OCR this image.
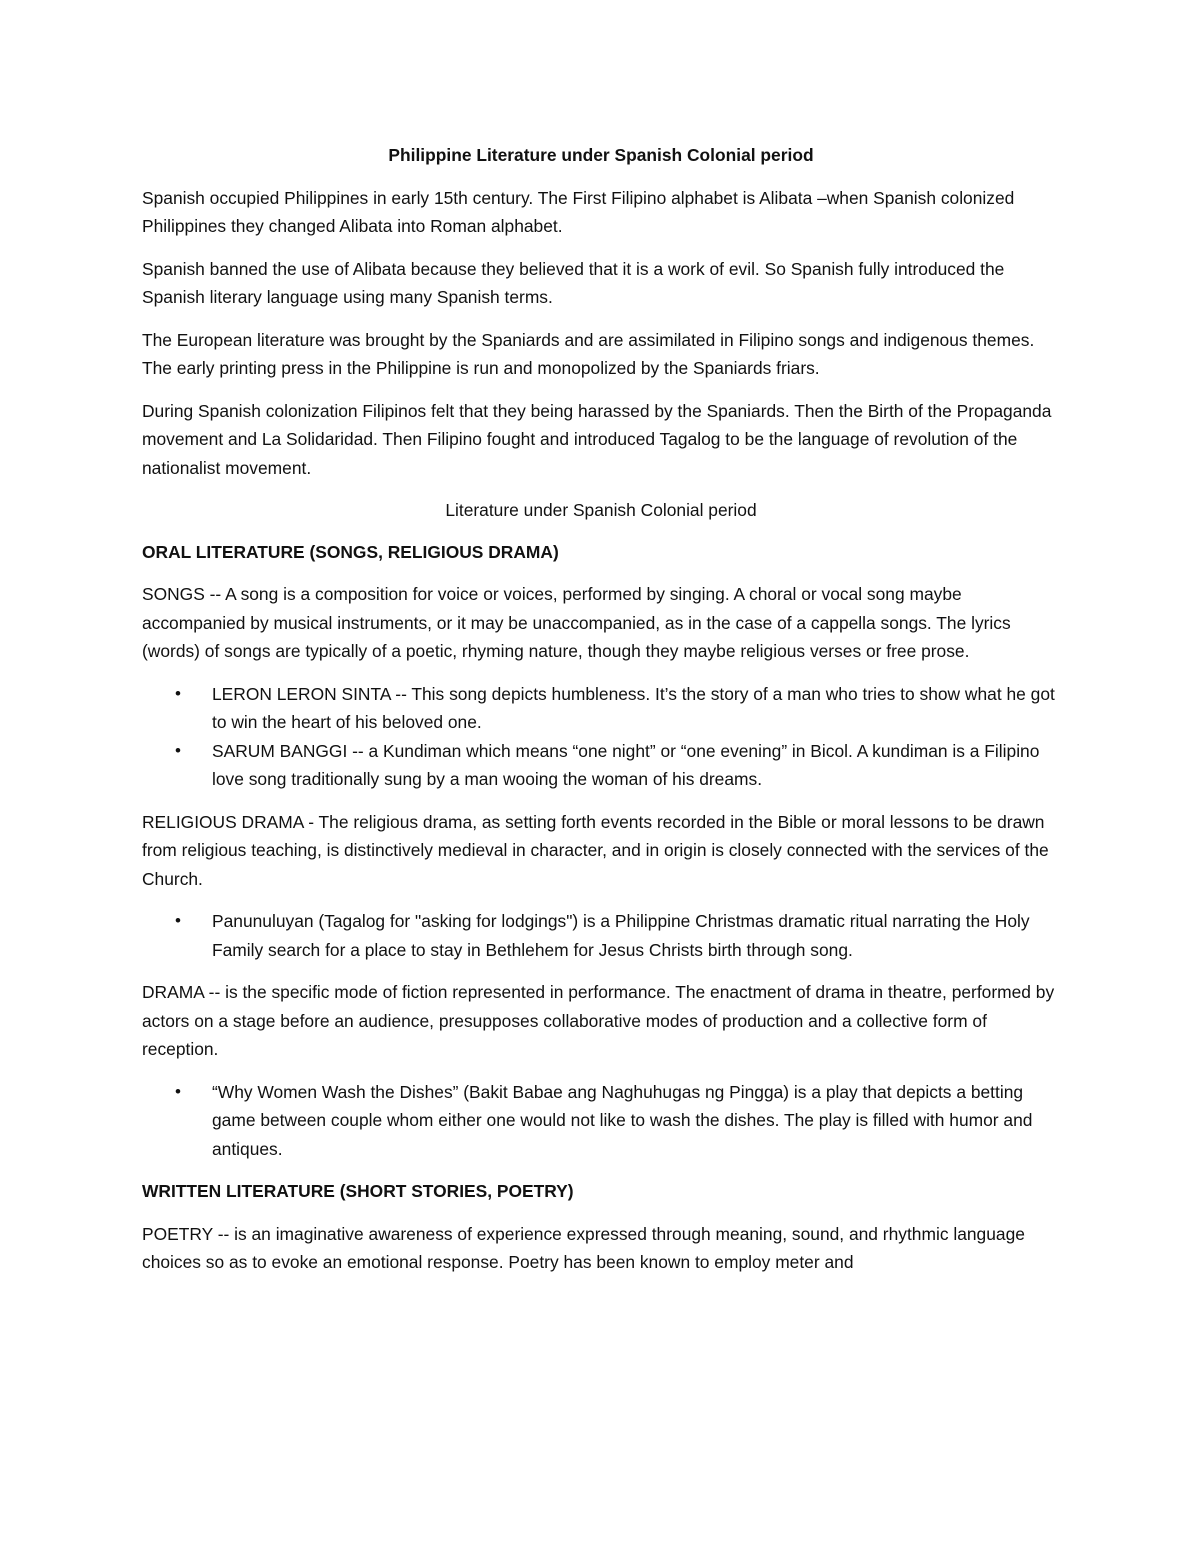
Philippine Literature under Spanish Colonial period

Spanish occupied Philippines in early 15th century. The First Filipino alphabet is Alibata –when Spanish colonized Philippines they changed Alibata into Roman alphabet.

Spanish banned the use of Alibata because they believed that it is a work of evil. So Spanish fully introduced the Spanish literary language using many Spanish terms.

The European literature was brought by the Spaniards and are assimilated in Filipino songs and indigenous themes. The early printing press in the Philippine is run and monopolized by the Spaniards friars.

During Spanish colonization Filipinos felt that they being harassed by the Spaniards. Then the Birth of the Propaganda movement and La Solidaridad. Then Filipino fought and introduced Tagalog to be the language of revolution of the nationalist movement.

Literature under Spanish Colonial period

ORAL LITERATURE (SONGS, RELIGIOUS DRAMA)

SONGS -- A song is a composition for voice or voices, performed by singing. A choral or vocal song maybe accompanied by musical instruments, or it may be unaccompanied, as in the case of a cappella songs. The lyrics (words) of songs are typically of a poetic, rhyming nature, though they maybe religious verses or free prose.

• LERON LERON SINTA -- This song depicts humbleness. It’s the story of a man who tries to show what he got to win the heart of his beloved one.
• SARUM BANGGI -- a Kundiman which means “one night” or “one evening” in Bicol. A kundiman is a Filipino love song traditionally sung by a man wooing the woman of his dreams.

RELIGIOUS DRAMA - The religious drama, as setting forth events recorded in the Bible or moral lessons to be drawn from religious teaching, is distinctively medieval in character, and in origin is closely connected with the services of the Church.

• Panunuluyan (Tagalog for "asking for lodgings") is a Philippine Christmas dramatic ritual narrating the Holy Family search for a place to stay in Bethlehem for Jesus Christs birth through song.

DRAMA -- is the specific mode of fiction represented in performance. The enactment of drama in theatre, performed by actors on a stage before an audience, presupposes collaborative modes of production and a collective form of reception.

• “Why Women Wash the Dishes” (Bakit Babae ang Naghuhugas ng Pingga) is a play that depicts a betting game between couple whom either one would not like to wash the dishes. The play is filled with humor and antiques.

WRITTEN LITERATURE (SHORT STORIES, POETRY)

POETRY -- is an imaginative awareness of experience expressed through meaning, sound, and rhythmic language choices so as to evoke an emotional response. Poetry has been known to employ meter and
